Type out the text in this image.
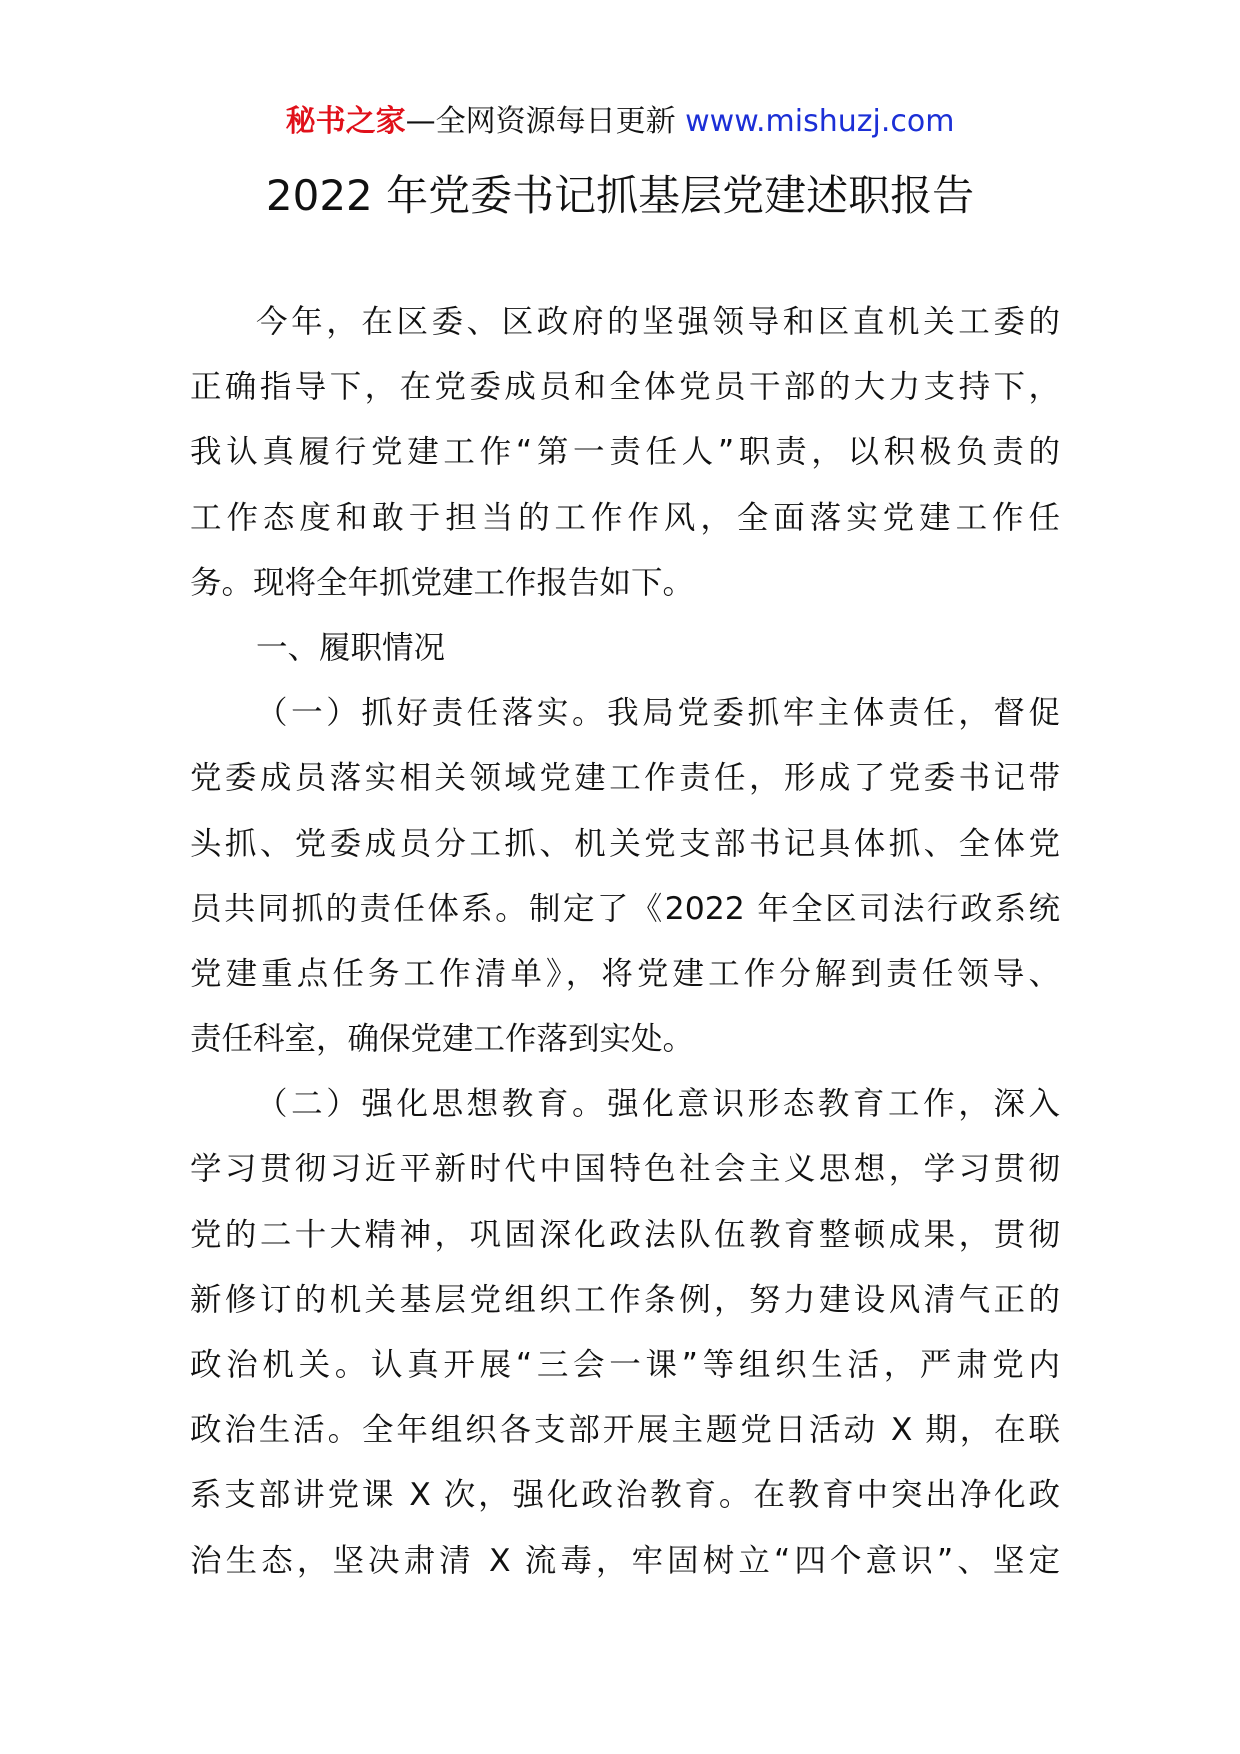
秘书之家—全网资源每日更新 www.mishuzj.com
2022 年党委书记抓基层党建述职报告

今年，在区委、区政府的坚强领导和区直机关工委的

正确指导下，在党委成员和全体党员干部的大力支持下，

我认真履行党建工作“第一责任人”职责，以积极负责的

工作态度和敢于担当的工作作风，全面落实党建工作任

务。现将全年抓党建工作报告如下。

一、履职情况

（一）抓好责任落实。我局党委抓牢主体责任，督促

党委成员落实相关领域党建工作责任，形成了党委书记带

头抓、党委成员分工抓、机关党支部书记具体抓、全体党

员共同抓的责任体系。制定了《2022 年全区司法行政系统

党建重点任务工作清单》，将党建工作分解到责任领导、

责任科室，确保党建工作落到实处。

（二）强化思想教育。强化意识形态教育工作，深入

学习贯彻习近平新时代中国特色社会主义思想，学习贯彻

党的二十大精神，巩固深化政法队伍教育整顿成果，贯彻

新修订的机关基层党组织工作条例，努力建设风清气正的

政治机关。认真开展“三会一课”等组织生活，严肃党内

政治生活。全年组织各支部开展主题党日活动 X 期，在联

系支部讲党课 X 次，强化政治教育。在教育中突出净化政

治生态，坚决肃清 X 流毒，牢固树立“四个意识”、坚定
